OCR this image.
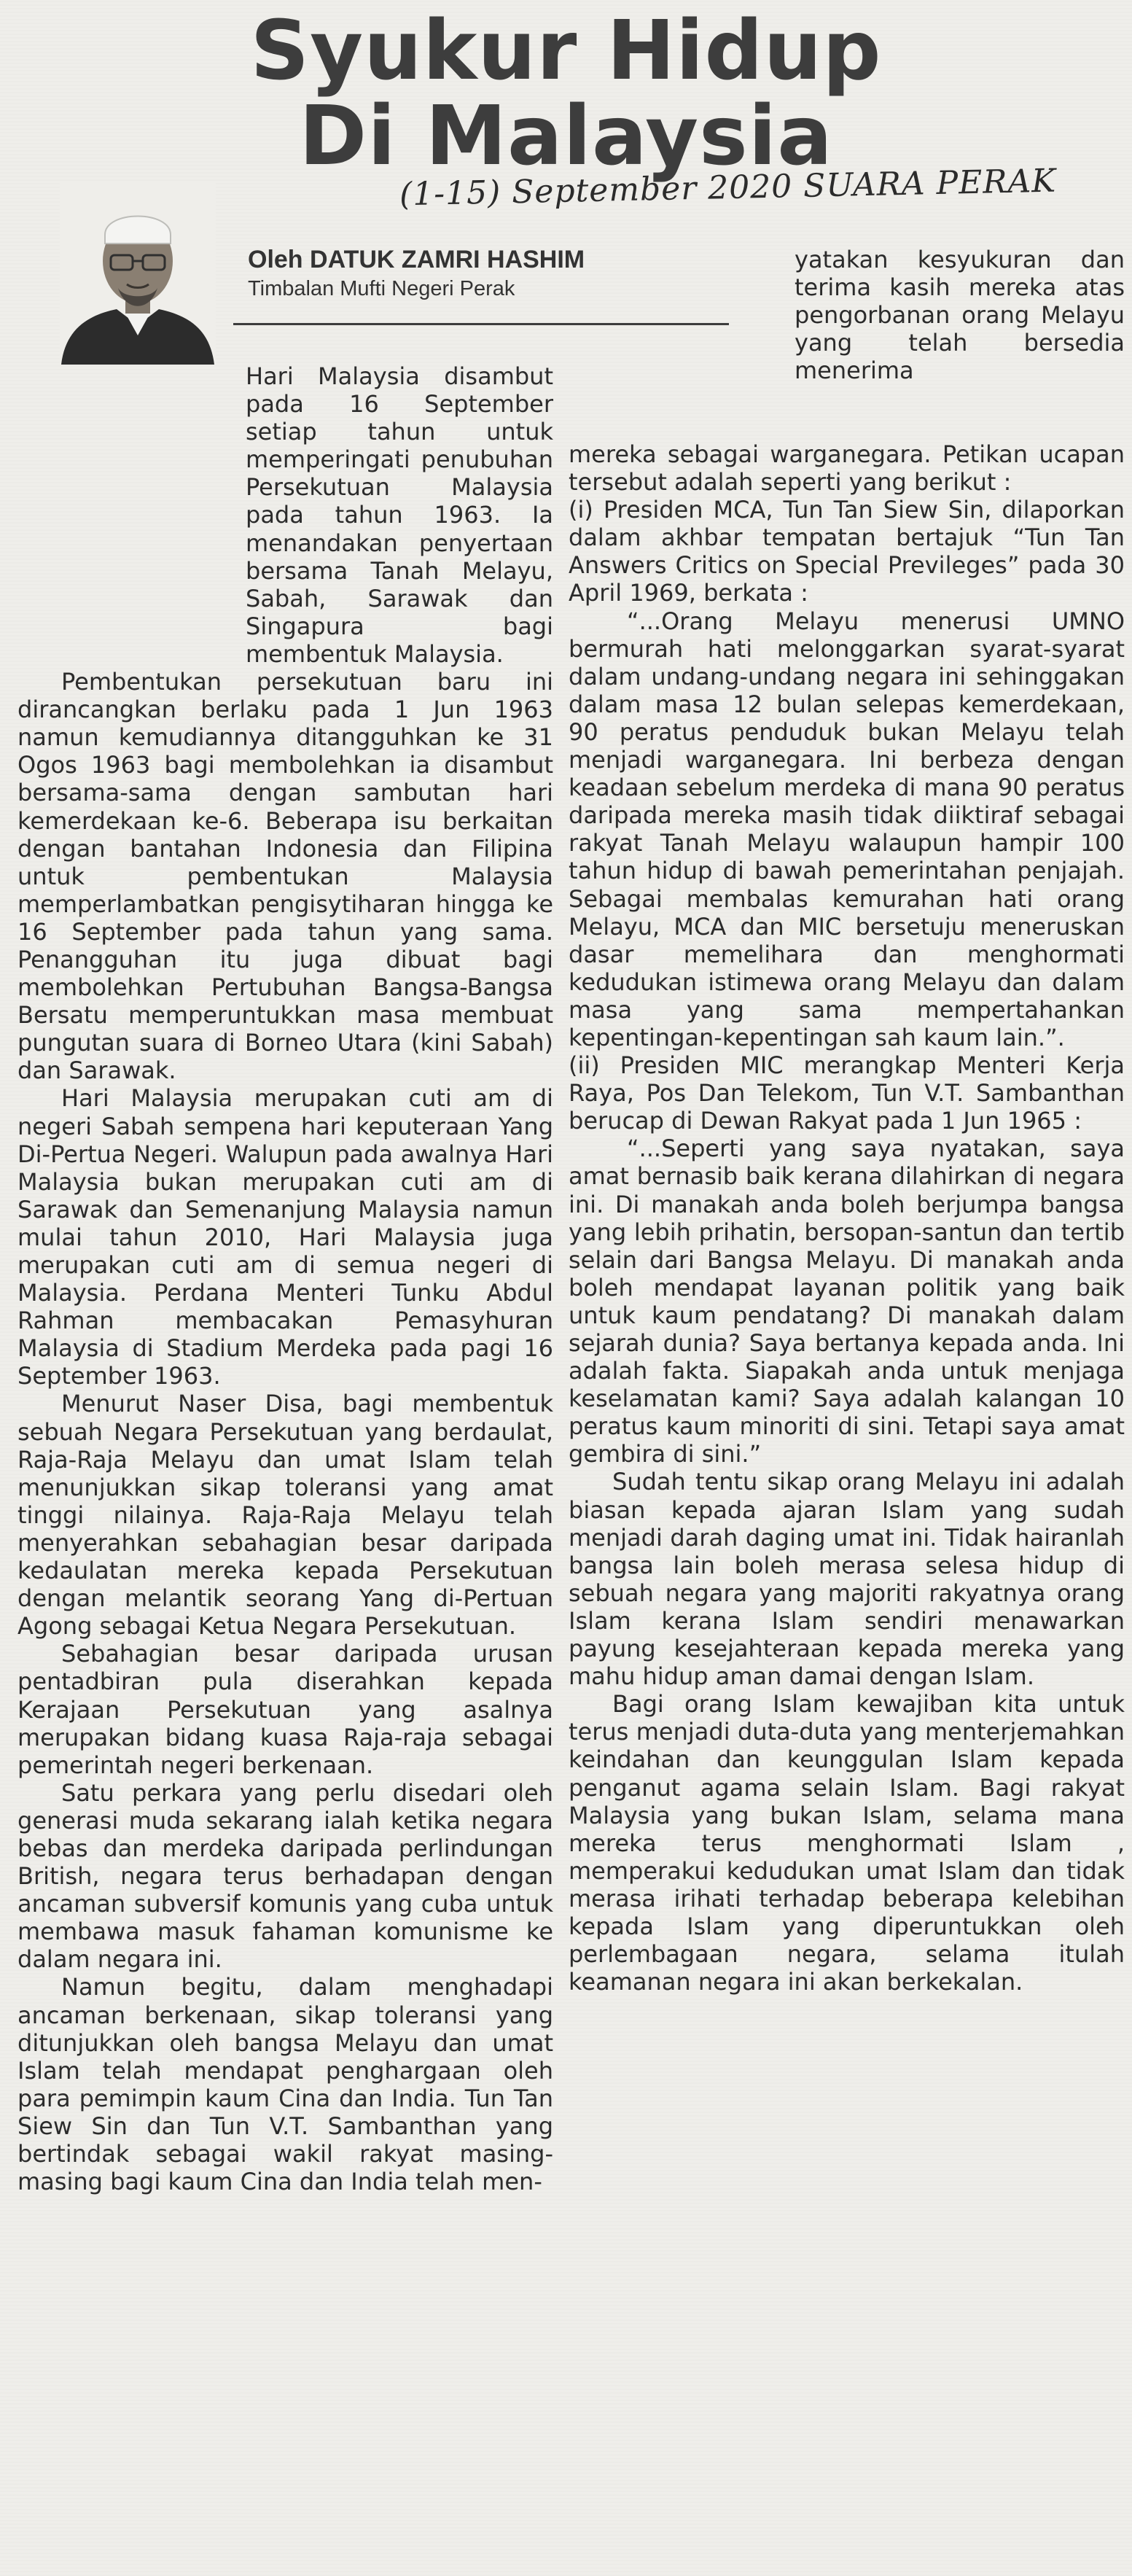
Syukur Hidup
Di Malaysia
(1-15) September 2020 SUARA PERAK
Oleh DATUK ZAMRI HASHIM
Timbalan Mufti Negeri Perak

Hari Malaysia disambut pada 16 September setiap tahun untuk memperingati penubuhan Persekutuan Malaysia pada tahun 1963. Ia menandakan penyertaan bersama Tanah Melayu, Sabah, Sarawak dan Singapura bagi membentuk Malaysia.

Pembentukan persekutuan baru ini dirancangkan berlaku pada 1 Jun 1963 namun kemudiannya ditangguhkan ke 31 Ogos 1963 bagi membolehkan ia disambut bersama-sama dengan sambutan hari kemerdekaan ke-6. Beberapa isu berkaitan dengan bantahan Indonesia dan Filipina untuk pembentukan Malaysia memperlambatkan pengisytiharan hingga ke 16 September pada tahun yang sama. Penangguhan itu juga dibuat bagi membolehkan Pertubuhan Bangsa-Bangsa Bersatu memperuntukkan masa membuat pungutan suara di Borneo Utara (kini Sabah) dan Sarawak.

Hari Malaysia merupakan cuti am di negeri Sabah sempena hari keputeraan Yang Di-Pertua Negeri. Walupun pada awalnya Hari Malaysia bukan merupakan cuti am di Sarawak dan Semenanjung Malaysia namun mulai tahun 2010, Hari Malaysia juga merupakan cuti am di semua negeri di Malaysia. Perdana Menteri Tunku Abdul Rahman membacakan Pemasyhuran Malaysia di Stadium Merdeka pada pagi 16 September 1963.

Menurut Naser Disa, bagi membentuk sebuah Negara Persekutuan yang berdaulat, Raja-Raja Melayu dan umat Islam telah menunjukkan sikap toleransi yang amat tinggi nilainya. Raja-Raja Melayu telah menyerahkan sebahagian besar daripada kedaulatan mereka kepada Persekutuan dengan melantik seorang Yang di-Pertuan Agong sebagai Ketua Negara Persekutuan.

Sebahagian besar daripada urusan pentadbiran pula diserahkan kepada Kerajaan Persekutuan yang asalnya merupakan bidang kuasa Raja-raja sebagai pemerintah negeri berkenaan.

Satu perkara yang perlu disedari oleh generasi muda sekarang ialah ketika negara bebas dan merdeka daripada perlindungan British, negara terus berhadapan dengan ancaman subversif komunis yang cuba untuk membawa masuk fahaman komunisme ke dalam negara ini.

Namun begitu, dalam menghadapi ancaman berkenaan, sikap toleransi yang ditunjukkan oleh bangsa Melayu dan umat Islam telah mendapat penghargaan oleh para pemimpin kaum Cina dan India. Tun Tan Siew Sin dan Tun V.T. Sambanthan yang bertindak sebagai wakil rakyat masing-masing bagi kaum Cina dan India telah men-

yatakan kesyukuran dan terima kasih mereka atas pengorbanan orang Melayu yang telah bersedia menerima

mereka sebagai warganegara. Petikan ucapan tersebut adalah seperti yang berikut :

(i) Presiden MCA, Tun Tan Siew Sin, dilaporkan dalam akhbar tempatan bertajuk “Tun Tan Answers Critics on Special Previleges” pada 30 April 1969, berkata :

“...Orang Melayu menerusi UMNO bermurah hati melonggarkan syarat-syarat dalam undang-undang negara ini sehinggakan dalam masa 12 bulan selepas kemerdekaan, 90 peratus penduduk bukan Melayu telah menjadi warganegara. Ini berbeza dengan keadaan sebelum merdeka di mana 90 peratus daripada mereka masih tidak diiktiraf sebagai rakyat Tanah Melayu walaupun hampir 100 tahun hidup di bawah pemerintahan penjajah. Sebagai membalas kemurahan hati orang Melayu, MCA dan MIC bersetuju meneruskan dasar memelihara dan menghormati kedudukan istimewa orang Melayu dan dalam masa yang sama mempertahankan kepentingan-kepentingan sah kaum lain.”.

(ii) Presiden MIC merangkap Menteri Kerja Raya, Pos Dan Telekom, Tun V.T. Sambanthan berucap di Dewan Rakyat pada 1 Jun 1965 :

“...Seperti yang saya nyatakan, saya amat bernasib baik kerana dilahirkan di negara ini. Di manakah anda boleh berjumpa bangsa yang lebih prihatin, bersopan-santun dan tertib selain dari Bangsa Melayu. Di manakah anda boleh mendapat layanan politik yang baik untuk kaum pendatang? Di manakah dalam sejarah dunia? Saya bertanya kepada anda. Ini adalah fakta. Siapakah anda untuk menjaga keselamatan kami? Saya adalah kalangan 10 peratus kaum minoriti di sini. Tetapi saya amat gembira di sini.”

Sudah tentu sikap orang Melayu ini adalah biasan kepada ajaran Islam yang sudah menjadi darah daging umat ini. Tidak hairanlah bangsa lain boleh merasa selesa hidup di sebuah negara yang majoriti rakyatnya orang Islam kerana Islam sendiri menawarkan payung kesejahteraan kepada mereka yang mahu hidup aman damai dengan Islam.

Bagi orang Islam kewajiban kita untuk terus menjadi duta-duta yang menterjemahkan keindahan dan keunggulan Islam kepada penganut agama selain Islam. Bagi rakyat Malaysia yang bukan Islam, selama mana mereka terus menghormati Islam , memperakui kedudukan umat Islam dan tidak merasa irihati terhadap beberapa kelebihan kepada Islam yang diperuntukkan oleh perlembagaan negara, selama itulah keamanan negara ini akan berkekalan.
